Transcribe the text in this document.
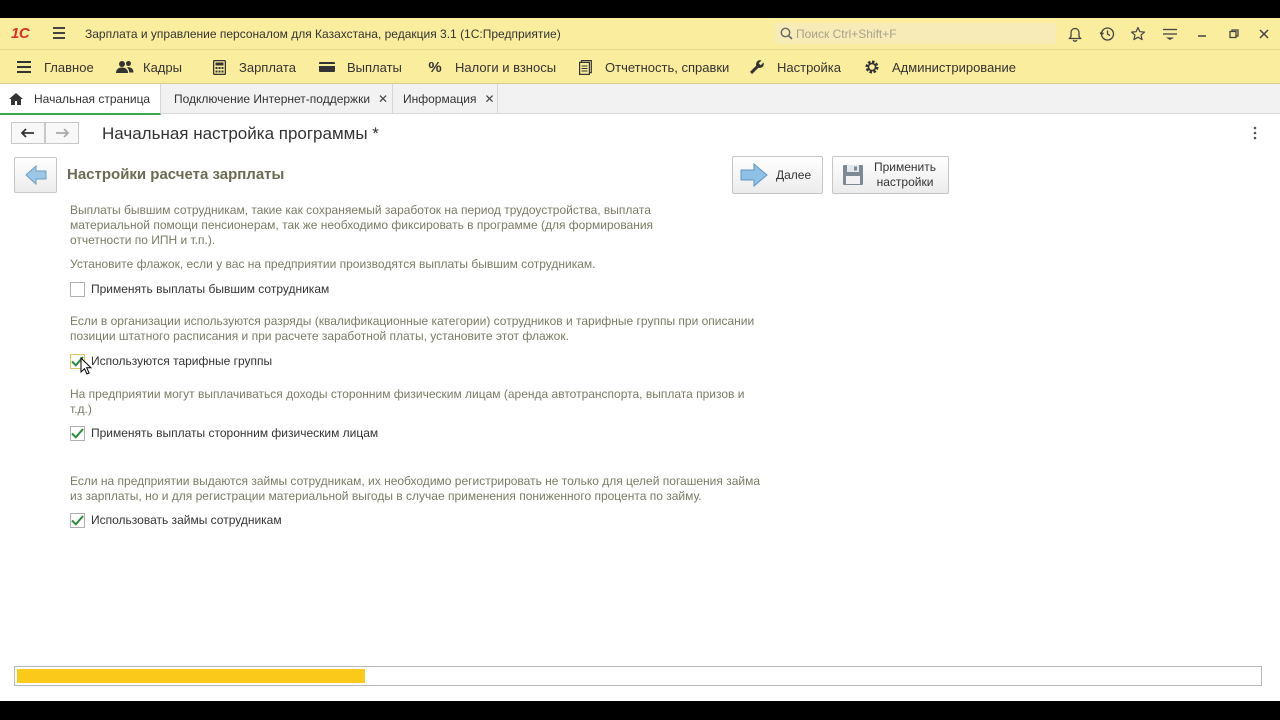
1С	Зарплата и управление персоналом для Казахстана, редакция 3.1 (1С:Предприятие)
Поиск Ctrl+Shift+F
Главное	Кадры	Зарплата	Выплаты % Налоги и взносы	Отчетность, справки	Настройка	Администрирование
Начальная страница Подключение Интернет-поддержки ✕ Информация ✕
Начальная настройка программы *
Настройки расчета зарплаты	Далее
Применить
настройки
Выплаты бывшим сотрудникам, такие как сохраняемый заработок на период трудоустройства, выплата
материальной помощи пенсионерам, так же необходимо фиксировать в программе (для формирования
отчетности по ИПН и т.п.).
Установите флажок, если у вас на предприятии производятся выплаты бывшим сотрудникам.
Применять выплаты бывшим сотрудникам
Если в организации используются разряды (квалификационные категории) сотрудников и тарифные группы при описании
позиции штатного расписания и при расчете заработной платы, установите этот флажок.
Используются тарифные группы
На предприятии могут выплачиваться доходы сторонним физическим лицам (аренда автотранспорта, выплата призов и
т.д.)
Применять выплаты сторонним физическим лицам
Если на предприятии выдаются займы сотрудникам, их необходимо регистрировать не только для целей погашения займа
из зарплаты, но и для регистрации материальной выгоды в случае применения пониженного процента по займу.
Использовать займы сотрудникам
